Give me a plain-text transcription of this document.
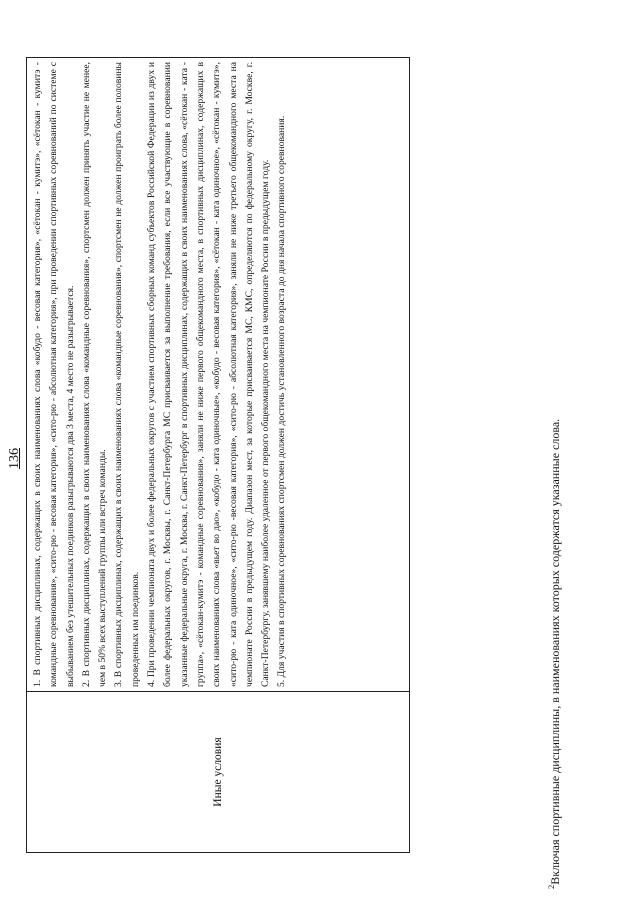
136
Иные условия	

1. В спортивных дисциплинах, содержащих в своих наименованиях слова «кобудо - весовая категория», «сётокан - кумитэ», «сётокан - кумитэ - командные соревнования», «сито-рю - весовая категория», «сито-рю - абсолютная категория», при проведении спортивных соревнований по системе с выбыванием без утешительных поединков разыгрываются два 3 места, 4 место не разыгрывается. 2. В спортивных дисциплинах, содержащих в своих наименованиях слова «командные соревнования», спортсмен должен принять участие не менее, чем в 50% всех выступлений группы или встреч команды. 3. В спортивных дисциплинах, содержащих в своих наименованиях слова «командные соревнования», спортсмен не должен проиграть более половины проведенных им поединков. 4. При проведении чемпионата двух и более федеральных округов с участием спортивных сборных команд субъектов Российской Федерации из двух и более федеральных округов, г. Москвы, г. Санкт-Петербурга МС присваивается за выполнение требования, если все участвующие в соревновании указанные федеральные округа, г. Москва, г. Санкт-Петербург в спортивных дисциплинах, содержащих в своих наименованиях слова, «сётокан - ката - группа», «сётокан-кумитэ - командные соревнования», заняли не ниже первого общекомандного места, в спортивных дисциплинах, содержащих в своих наименованиях слова «вьет во дао», «кобудо - ката одиночные», «кобудо - весовая категория», «сётокан - ката одиночное», «сётокан - кумитэ», «сито-рю - ката одиночное», «сито-рю -весовая категория», «сито-рю - абсолютная категория», заняли не ниже третьего общекомандного места на чемпионате России в предыдущем году. Диапазон мест, за которые присваивается МС, КМС, определяются по федеральному округу, г. Москве, г. Санкт-Петербургу, занявшему наиболее удаленное от первого общекомандного места на чемпионате России в предыдущем году. 5. Для участия в спортивных соревнованиях спортсмен должен достичь установленного возраста до дня начала спортивного соревнования.

$^2$Включая спортивные дисциплины, в наименованиях которых содержатся указанные слова.
